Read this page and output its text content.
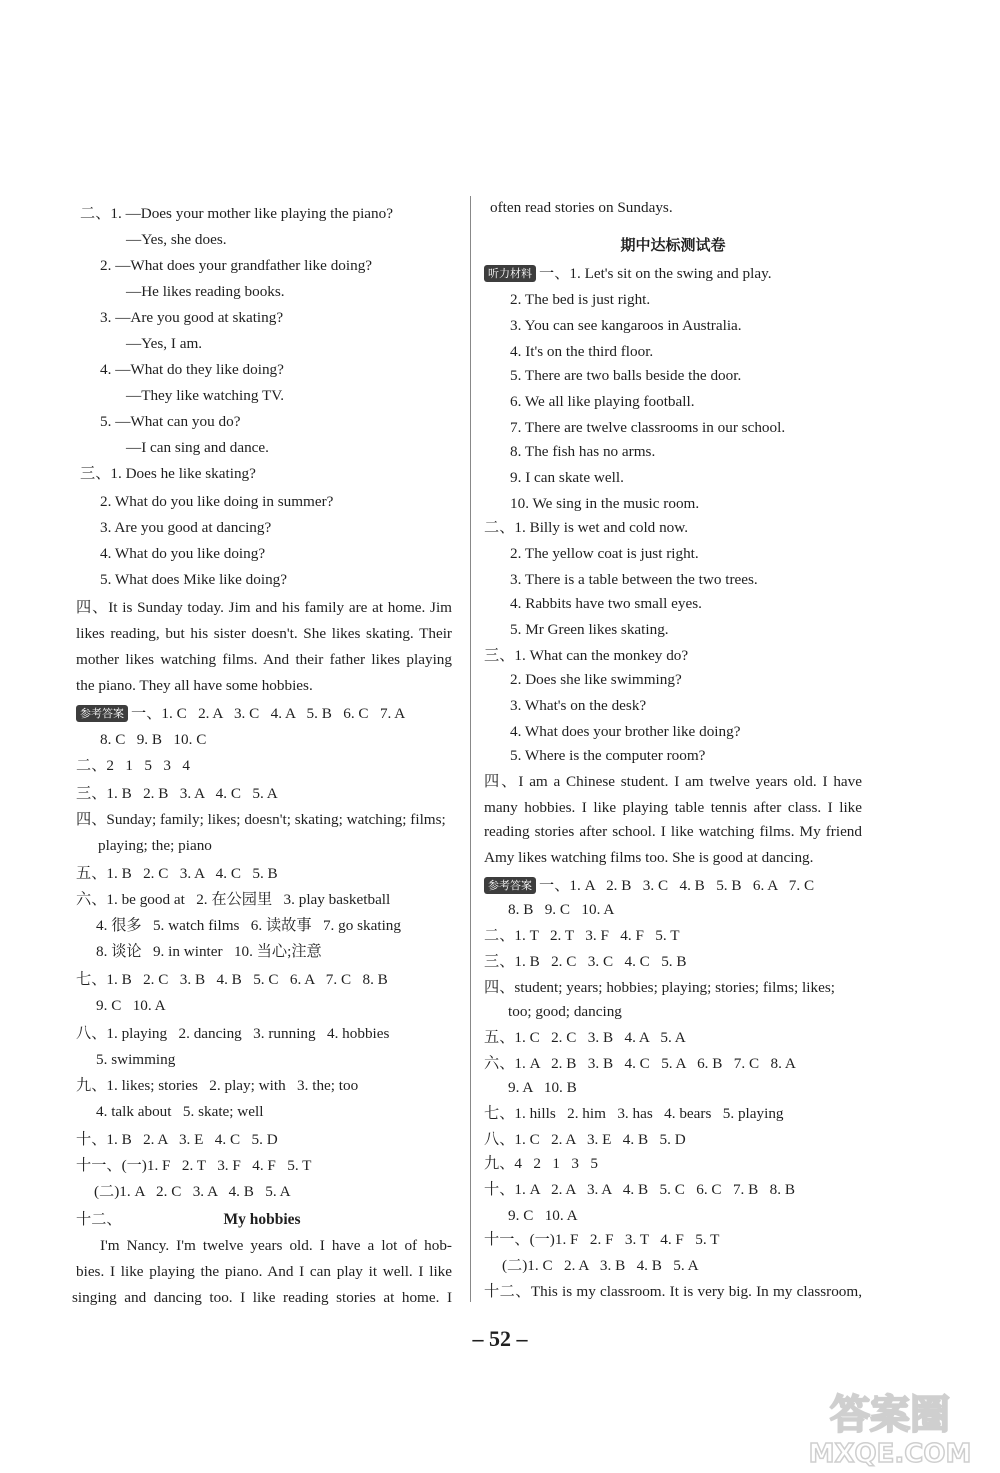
二、1. —Does your mother like playing the piano?
—Yes, she does.
2. —What does your grandfather like doing?
—He likes reading books.
3. —Are you good at skating?
—Yes, I am.
4. —What do they like doing?
—They like watching TV.
5. —What can you do?
—I can sing and dance.
三、1. Does he like skating?
2. What do you like doing in summer?
3. Are you good at dancing?
4. What do you like doing?
5. What does Mike like doing?
四、It is Sunday today. Jim and his family are at home. Jim
likes reading, but his sister doesn't. She likes skating. Their
mother likes watching films. And their father likes playing
the piano. They all have some hobbies.
参考答案 一、1. C   2. A   3. C   4. A   5. B   6. C   7. A
8. C   9. B   10. C
二、2   1   5   3   4
三、1. B   2. B   3. A   4. C   5. A
四、Sunday; family; likes; doesn't; skating; watching; films;
playing; the; piano
五、1. B   2. C   3. A   4. C   5. B
六、1. be good at   2. 在公园里   3. play basketball
4. 很多   5. watch films   6. 读故事   7. go skating
8. 谈论   9. in winter   10. 当心;注意
七、1. B   2. C   3. B   4. B   5. C   6. A   7. C   8. B
9. C   10. A
八、1. playing   2. dancing   3. running   4. hobbies
5. swimming
九、1. likes; stories   2. play; with   3. the; too
4. talk about   5. skate; well
十、1. B   2. A   3. E   4. C   5. D
十一、(一)1. F   2. T   3. F   4. F   5. T
(二)1. A   2. C   3. A   4. B   5. A
十二、
I'm Nancy. I'm twelve years old. I have a lot of hob-
bies. I like playing the piano. And I can play it well. I like
singing and dancing too. I like reading stories at home. I
My hobbies
often read stories on Sundays.
听力材料 一、1. Let's sit on the swing and play.
2. The bed is just right.
3. You can see kangaroos in Australia.
4. It's on the third floor.
5. There are two balls beside the door.
6. We all like playing football.
7. There are twelve classrooms in our school.
8. The fish has no arms.
9. I can skate well.
10. We sing in the music room.
二、1. Billy is wet and cold now.
2. The yellow coat is just right.
3. There is a table between the two trees.
4. Rabbits have two small eyes.
5. Mr Green likes skating.
三、1. What can the monkey do?
2. Does she like swimming?
3. What's on the desk?
4. What does your brother like doing?
5. Where is the computer room?
四、I am a Chinese student. I am twelve years old. I have
many hobbies. I like playing table tennis after class. I like
reading stories after school. I like watching films. My friend
Amy likes watching films too. She is good at dancing.
参考答案 一、1. A   2. B   3. C   4. B   5. B   6. A   7. C
8. B   9. C   10. A
二、1. T   2. T   3. F   4. F   5. T
三、1. B   2. C   3. C   4. C   5. B
四、student; years; hobbies; playing; stories; films; likes;
too; good; dancing
五、1. C   2. C   3. B   4. A   5. A
六、1. A   2. B   3. B   4. C   5. A   6. B   7. C   8. A
9. A   10. B
七、1. hills   2. him   3. has   4. bears   5. playing
八、1. C   2. A   3. E   4. B   5. D
九、4   2   1   3   5
十、1. A   2. A   3. A   4. B   5. C   6. C   7. B   8. B
9. C   10. A
十一、(一)1. F   2. F   3. T   4. F   5. T
(二)1. C   2. A   3. B   4. B   5. A
十二、This is my classroom. It is very big. In my classroom,
期中达标测试卷
– 52 –
答案圈
MXQE.COM
